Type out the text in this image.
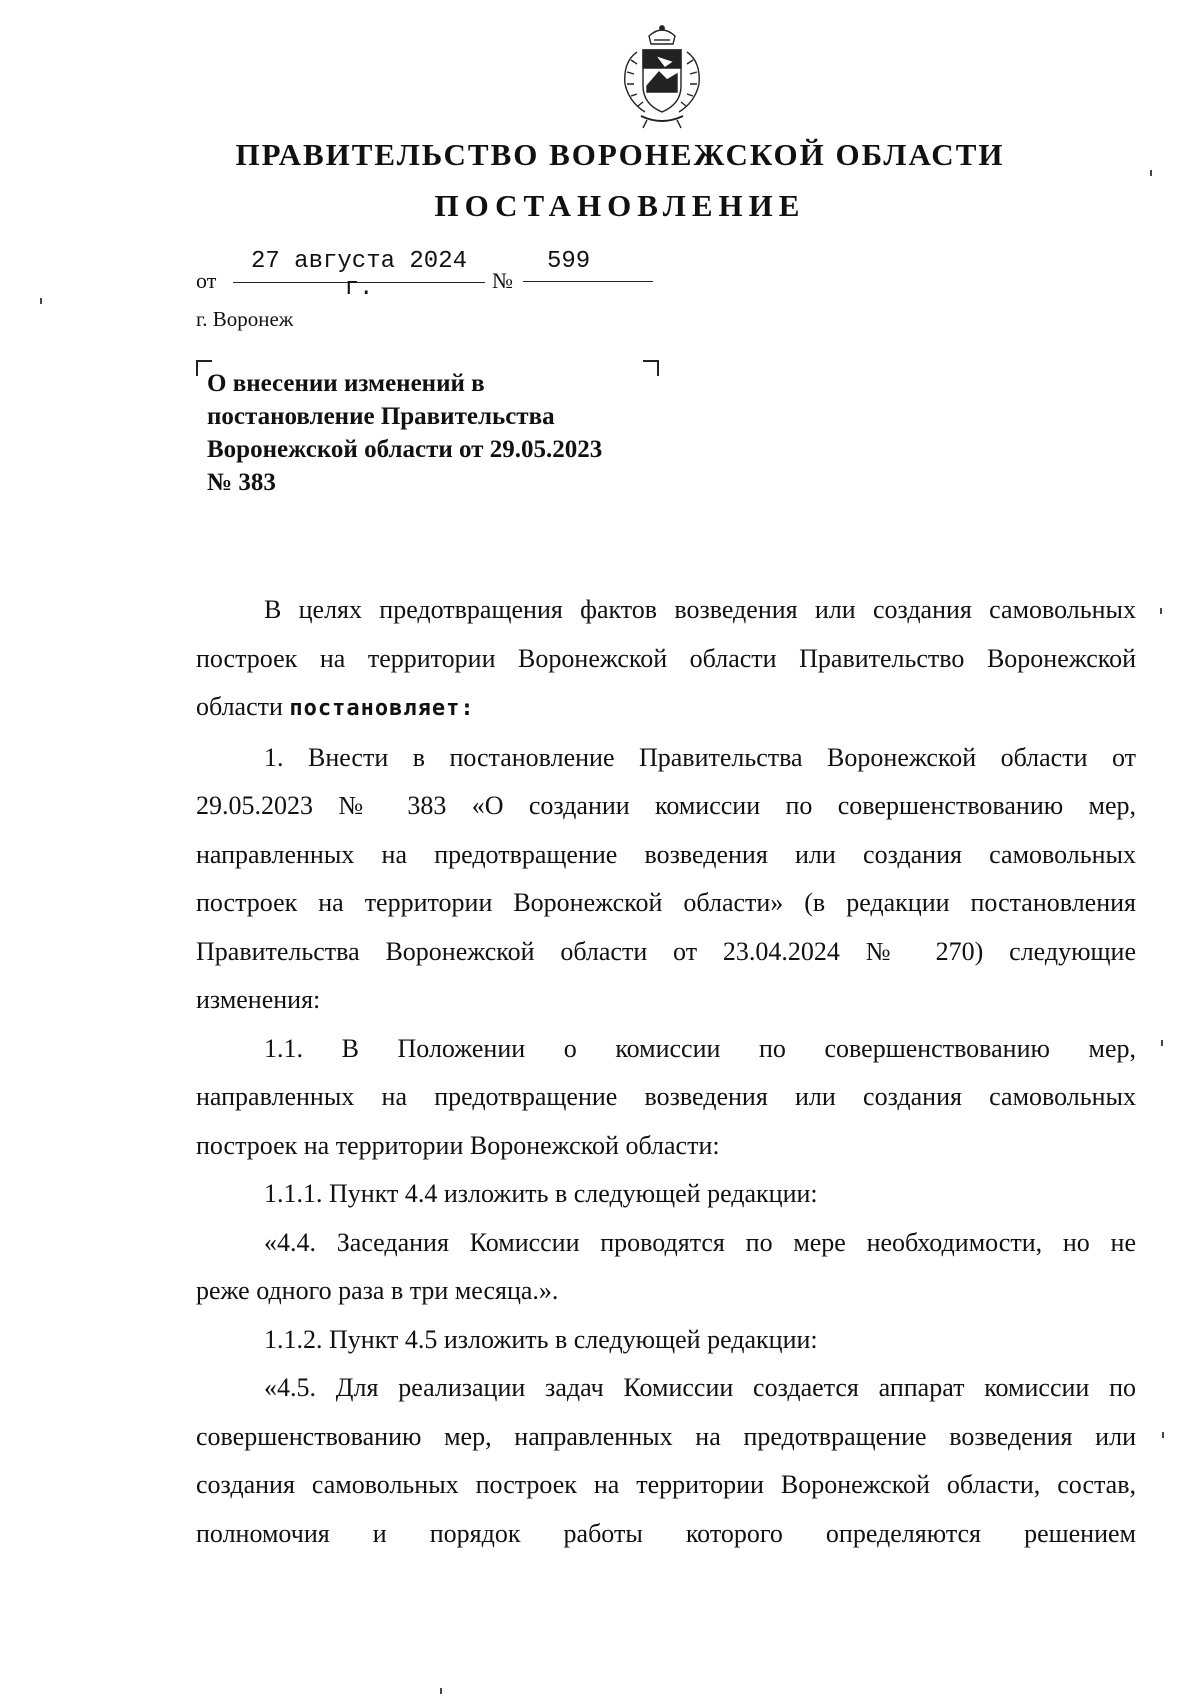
ПРАВИТЕЛЬСТВО ВОРОНЕЖСКОЙ ОБЛАСТИ
ПОСТАНОВЛЕНИЕ
от
27 августа 2024 г.	№
599
г. Воронеж
О внесении изменений в
постановление Правительства
Воронежской области от 29.05.2023
№ 383
В целях предотвращения фактов возведения или создания самовольных
построек на территории Воронежской области Правительство Воронежской
области постановляет:
1. Внести в постановление Правительства Воронежской области от
29.05.2023 № 383 «О создании комиссии по совершенствованию мер,
направленных на предотвращение возведения или создания самовольных
построек на территории Воронежской области» (в редакции постановления
Правительства Воронежской области от 23.04.2024 № 270) следующие
изменения:
1.1. В Положении о комиссии по совершенствованию мер,
направленных на предотвращение возведения или создания самовольных
построек на территории Воронежской области:
1.1.1. Пункт 4.4 изложить в следующей редакции:
«4.4. Заседания Комиссии проводятся по мере необходимости, но не
реже одного раза в три месяца.».
1.1.2. Пункт 4.5 изложить в следующей редакции:
«4.5. Для реализации задач Комиссии создается аппарат комиссии по
совершенствованию мер, направленных на предотвращение возведения или
создания самовольных построек на территории Воронежской области, состав,
полномочия и порядок работы которого определяются решением
